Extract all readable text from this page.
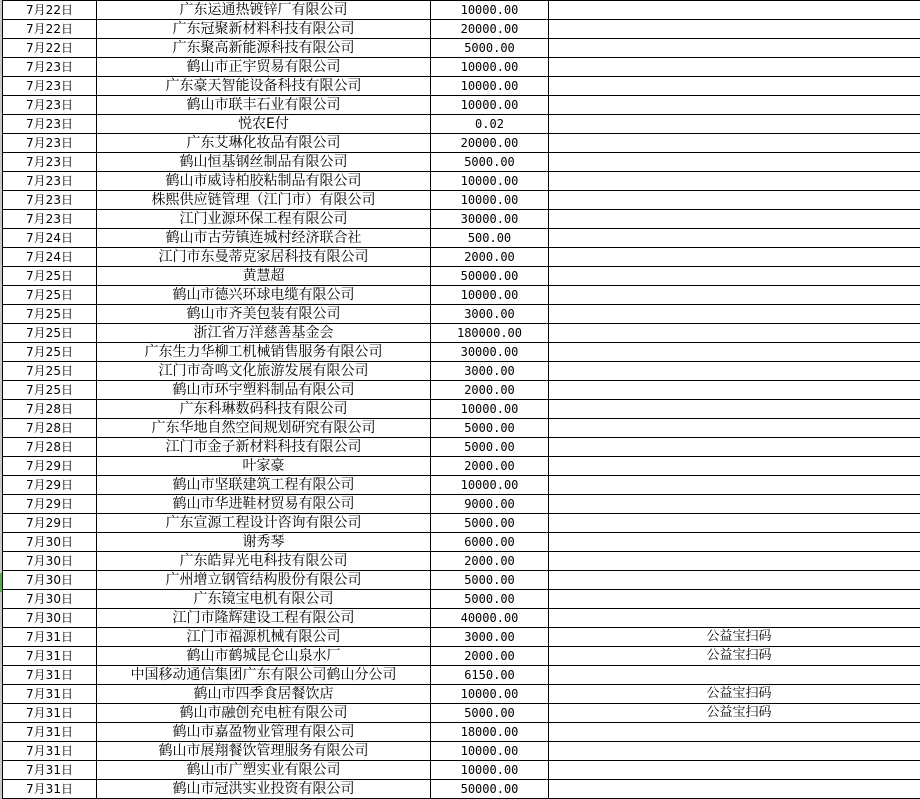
7月22日	广东运通热镀锌厂有限公司	10000.00	
7月22日	广东冠聚新材料科技有限公司	20000.00	
7月22日	广东聚高新能源科技有限公司	5000.00	
7月23日	鹤山市正宇贸易有限公司	10000.00	
7月23日	广东豪天智能设备科技有限公司	10000.00	
7月23日	鹤山市联丰石业有限公司	10000.00	
7月23日	悦农E付	0.02	
7月23日	广东艾琳化妆品有限公司	20000.00	
7月23日	鹤山恒基钢丝制品有限公司	5000.00	
7月23日	鹤山市威诗柏胶粘制品有限公司	10000.00	
7月23日	株熙供应链管理（江门市）有限公司	10000.00	
7月23日	江门业源环保工程有限公司	30000.00	
7月24日	鹤山市古劳镇连城村经济联合社	500.00	
7月24日	江门市东曼蒂克家居科技有限公司	2000.00	
7月25日	黄慧超	50000.00	
7月25日	鹤山市德兴环球电缆有限公司	10000.00	
7月25日	鹤山市齐美包装有限公司	3000.00	
7月25日	浙江省万洋慈善基金会	180000.00	
7月25日	广东生力华柳工机械销售服务有限公司	30000.00	
7月25日	江门市奇鸣文化旅游发展有限公司	3000.00	
7月25日	鹤山市环宇塑料制品有限公司	2000.00	
7月28日	广东科琳数码科技有限公司	10000.00	
7月28日	广东华地自然空间规划研究有限公司	5000.00	
7月28日	江门市金子新材料科技有限公司	5000.00	
7月29日	叶家豪	2000.00	
7月29日	鹤山市坚联建筑工程有限公司	10000.00	
7月29日	鹤山市华进鞋材贸易有限公司	9000.00	
7月29日	广东宣源工程设计咨询有限公司	5000.00	
7月30日	谢秀琴	6000.00	
7月30日	广东皓昇光电科技有限公司	2000.00	
7月30日	广州增立钢管结构股份有限公司	5000.00	
7月30日	广东镜宝电机有限公司	5000.00	
7月30日	江门市隆辉建设工程有限公司	40000.00	
7月31日	江门市福源机械有限公司	3000.00	公益宝扫码
7月31日	鹤山市鹤城昆仑山泉水厂	2000.00	公益宝扫码
7月31日	中国移动通信集团广东有限公司鹤山分公司	6150.00	
7月31日	鹤山市四季食居餐饮店	10000.00	公益宝扫码
7月31日	鹤山市融创充电桩有限公司	5000.00	公益宝扫码
7月31日	鹤山市嘉盈物业管理有限公司	18000.00	
7月31日	鹤山市展翔餐饮管理服务有限公司	10000.00	
7月31日	鹤山市广塑实业有限公司	10000.00	
7月31日	鹤山市冠洪实业投资有限公司	50000.00	
